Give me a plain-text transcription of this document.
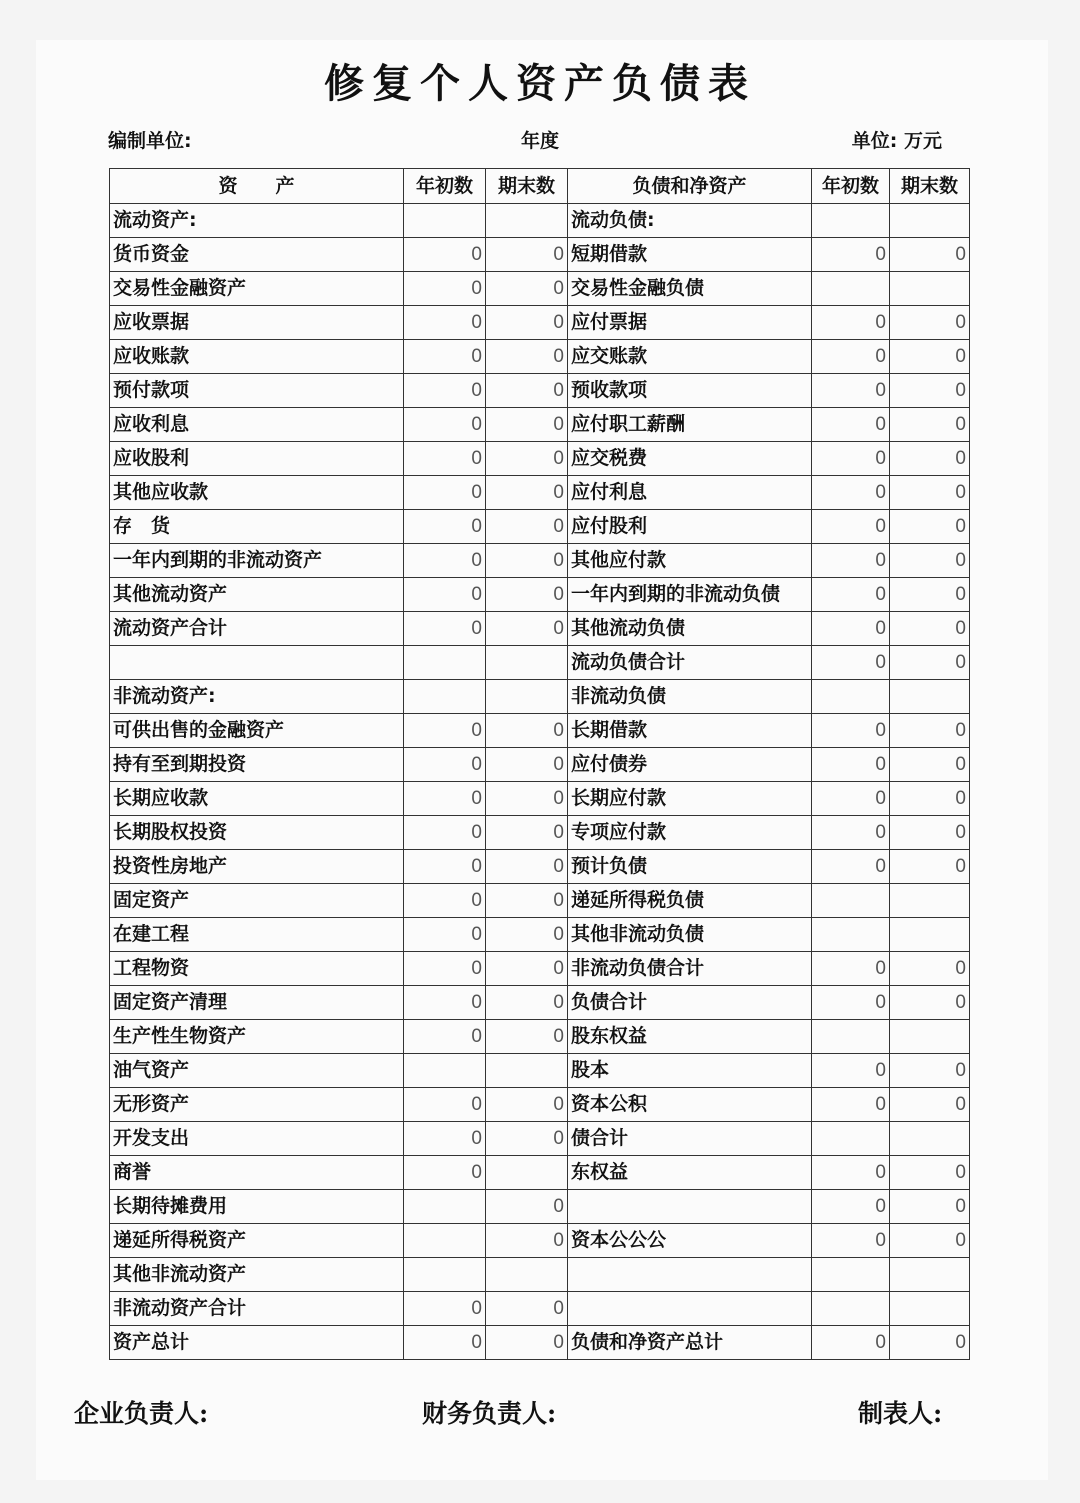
修复个人资产负债表
编制单位:	年度	单位: 万元
资　　产	年初数	期末数	负债和净资产	年初数	期末数
流动资产:			流动负债:		
货币资金	0	0	短期借款	0	0
交易性金融资产	0	0	交易性金融负债		
应收票据	0	0	应付票据	0	0
应收账款	0	0	应交账款	0	0
预付款项	0	0	预收款项	0	0
应收利息	0	0	应付职工薪酬	0	0
应收股利	0	0	应交税费	0	0
其他应收款	0	0	应付利息	0	0
存　货	0	0	应付股利	0	0
一年内到期的非流动资产	0	0	其他应付款	0	0
其他流动资产	0	0	一年内到期的非流动负债	0	0
流动资产合计	0	0	其他流动负债	0	0
			流动负债合计	0	0
非流动资产:			非流动负债		
可供出售的金融资产	0	0	长期借款	0	0
持有至到期投资	0	0	应付债券	0	0
长期应收款	0	0	长期应付款	0	0
长期股权投资	0	0	专项应付款	0	0
投资性房地产	0	0	预计负债	0	0
固定资产	0	0	递延所得税负债		
在建工程	0	0	其他非流动负债		
工程物资	0	0	非流动负债合计	0	0
固定资产清理	0	0	负债合计	0	0
生产性生物资产	0	0	股东权益		
油气资产			股本	0	0
无形资产	0	0	资本公积	0	0
开发支出	0	0	债合计		
商誉	0		东权益	0	0
长期待摊费用		0		0	0
递延所得税资产		0	资本公公公	0	0
其他非流动资产					
非流动资产合计	0	0			
资产总计	0	0	负债和净资产总计	0	0
企业负责人:	财务负责人:	制表人:
